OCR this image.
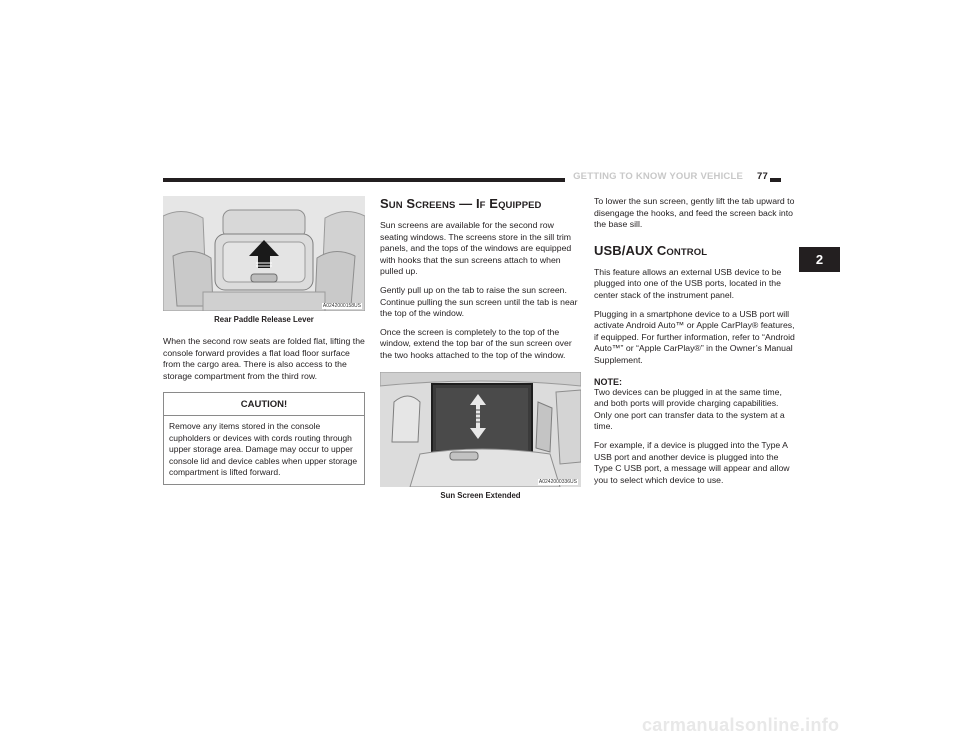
GETTING TO KNOW YOUR VEHICLE 77
2
A0242000158US
Rear Paddle Release Lever

When the second row seats are folded flat, lifting the console forward provides a flat load floor surface from the cargo area. There is also access to the storage compartment from the third row.

CAUTION!
Remove any items stored in the console cupholders or devices with cords routing through upper storage area. Damage may occur to upper console lid and device cables when upper storage compartment is lifted forward.
SUN SCREENS — IF EQUIPPED

Sun screens are available for the second row seating windows. The screens store in the sill trim panels, and the tops of the windows are equipped with hooks that the sun screens attach to when pulled up.

Gently pull up on the tab to raise the sun screen. Continue pulling the sun screen until the tab is near the top of the window.

Once the screen is completely to the top of the window, extend the top bar of the sun screen over the two hooks attached to the top of the window.

A0242000336US
Sun Screen Extended

To lower the sun screen, gently lift the tab upward to disengage the hooks, and feed the screen back into the base sill.

USB/AUX CONTROL

This feature allows an external USB device to be plugged into one of the USB ports, located in the center stack of the instrument panel.

Plugging in a smartphone device to a USB port will activate Android Auto™ or Apple CarPlay® features, if equipped. For further information, refer to “Android Auto™” or “Apple CarPlay®” in the Owner’s Manual Supplement.

NOTE:

Two devices can be plugged in at the same time, and both ports will provide charging capabilities. Only one port can transfer data to the system at a time.

For example, if a device is plugged into the Type A USB port and another device is plugged into the Type C USB port, a message will appear and allow you to select which device to use.

carmanualsonline.info
